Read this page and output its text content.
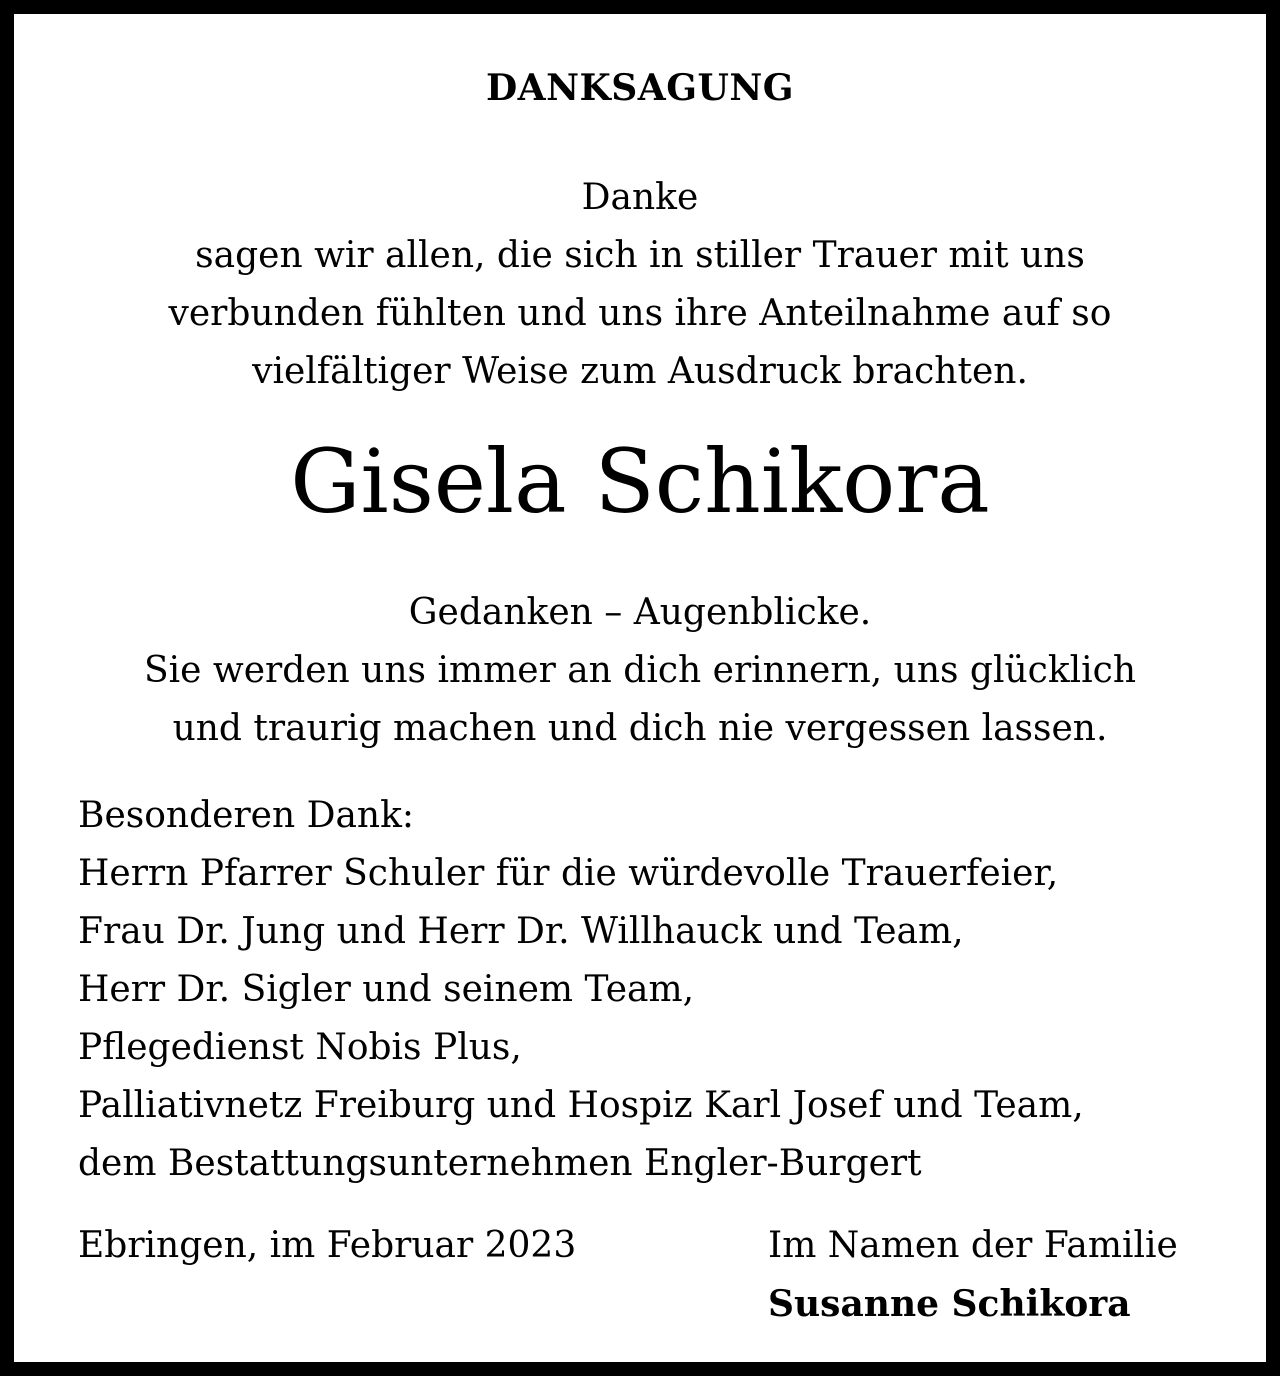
DANKSAGUNG
Danke
sagen wir allen, die sich in stiller Trauer mit uns
verbunden fühlten und uns ihre Anteilnahme auf so
vielfältiger Weise zum Ausdruck brachten.
Gisela Schikora
Gedanken – Augenblicke.
Sie werden uns immer an dich erinnern, uns glücklich
und traurig machen und dich nie vergessen lassen.
Besonderen Dank:
Herrn Pfarrer Schuler für die würdevolle Trauerfeier,
Frau Dr. Jung und Herr Dr. Willhauck und Team,
Herr Dr. Sigler und seinem Team,
Pflegedienst Nobis Plus,
Palliativnetz Freiburg und Hospiz Karl Josef und Team,
dem Bestattungsunternehmen Engler-Burgert
Ebringen, im Februar 2023	Im Namen der Familie
Susanne Schikora
